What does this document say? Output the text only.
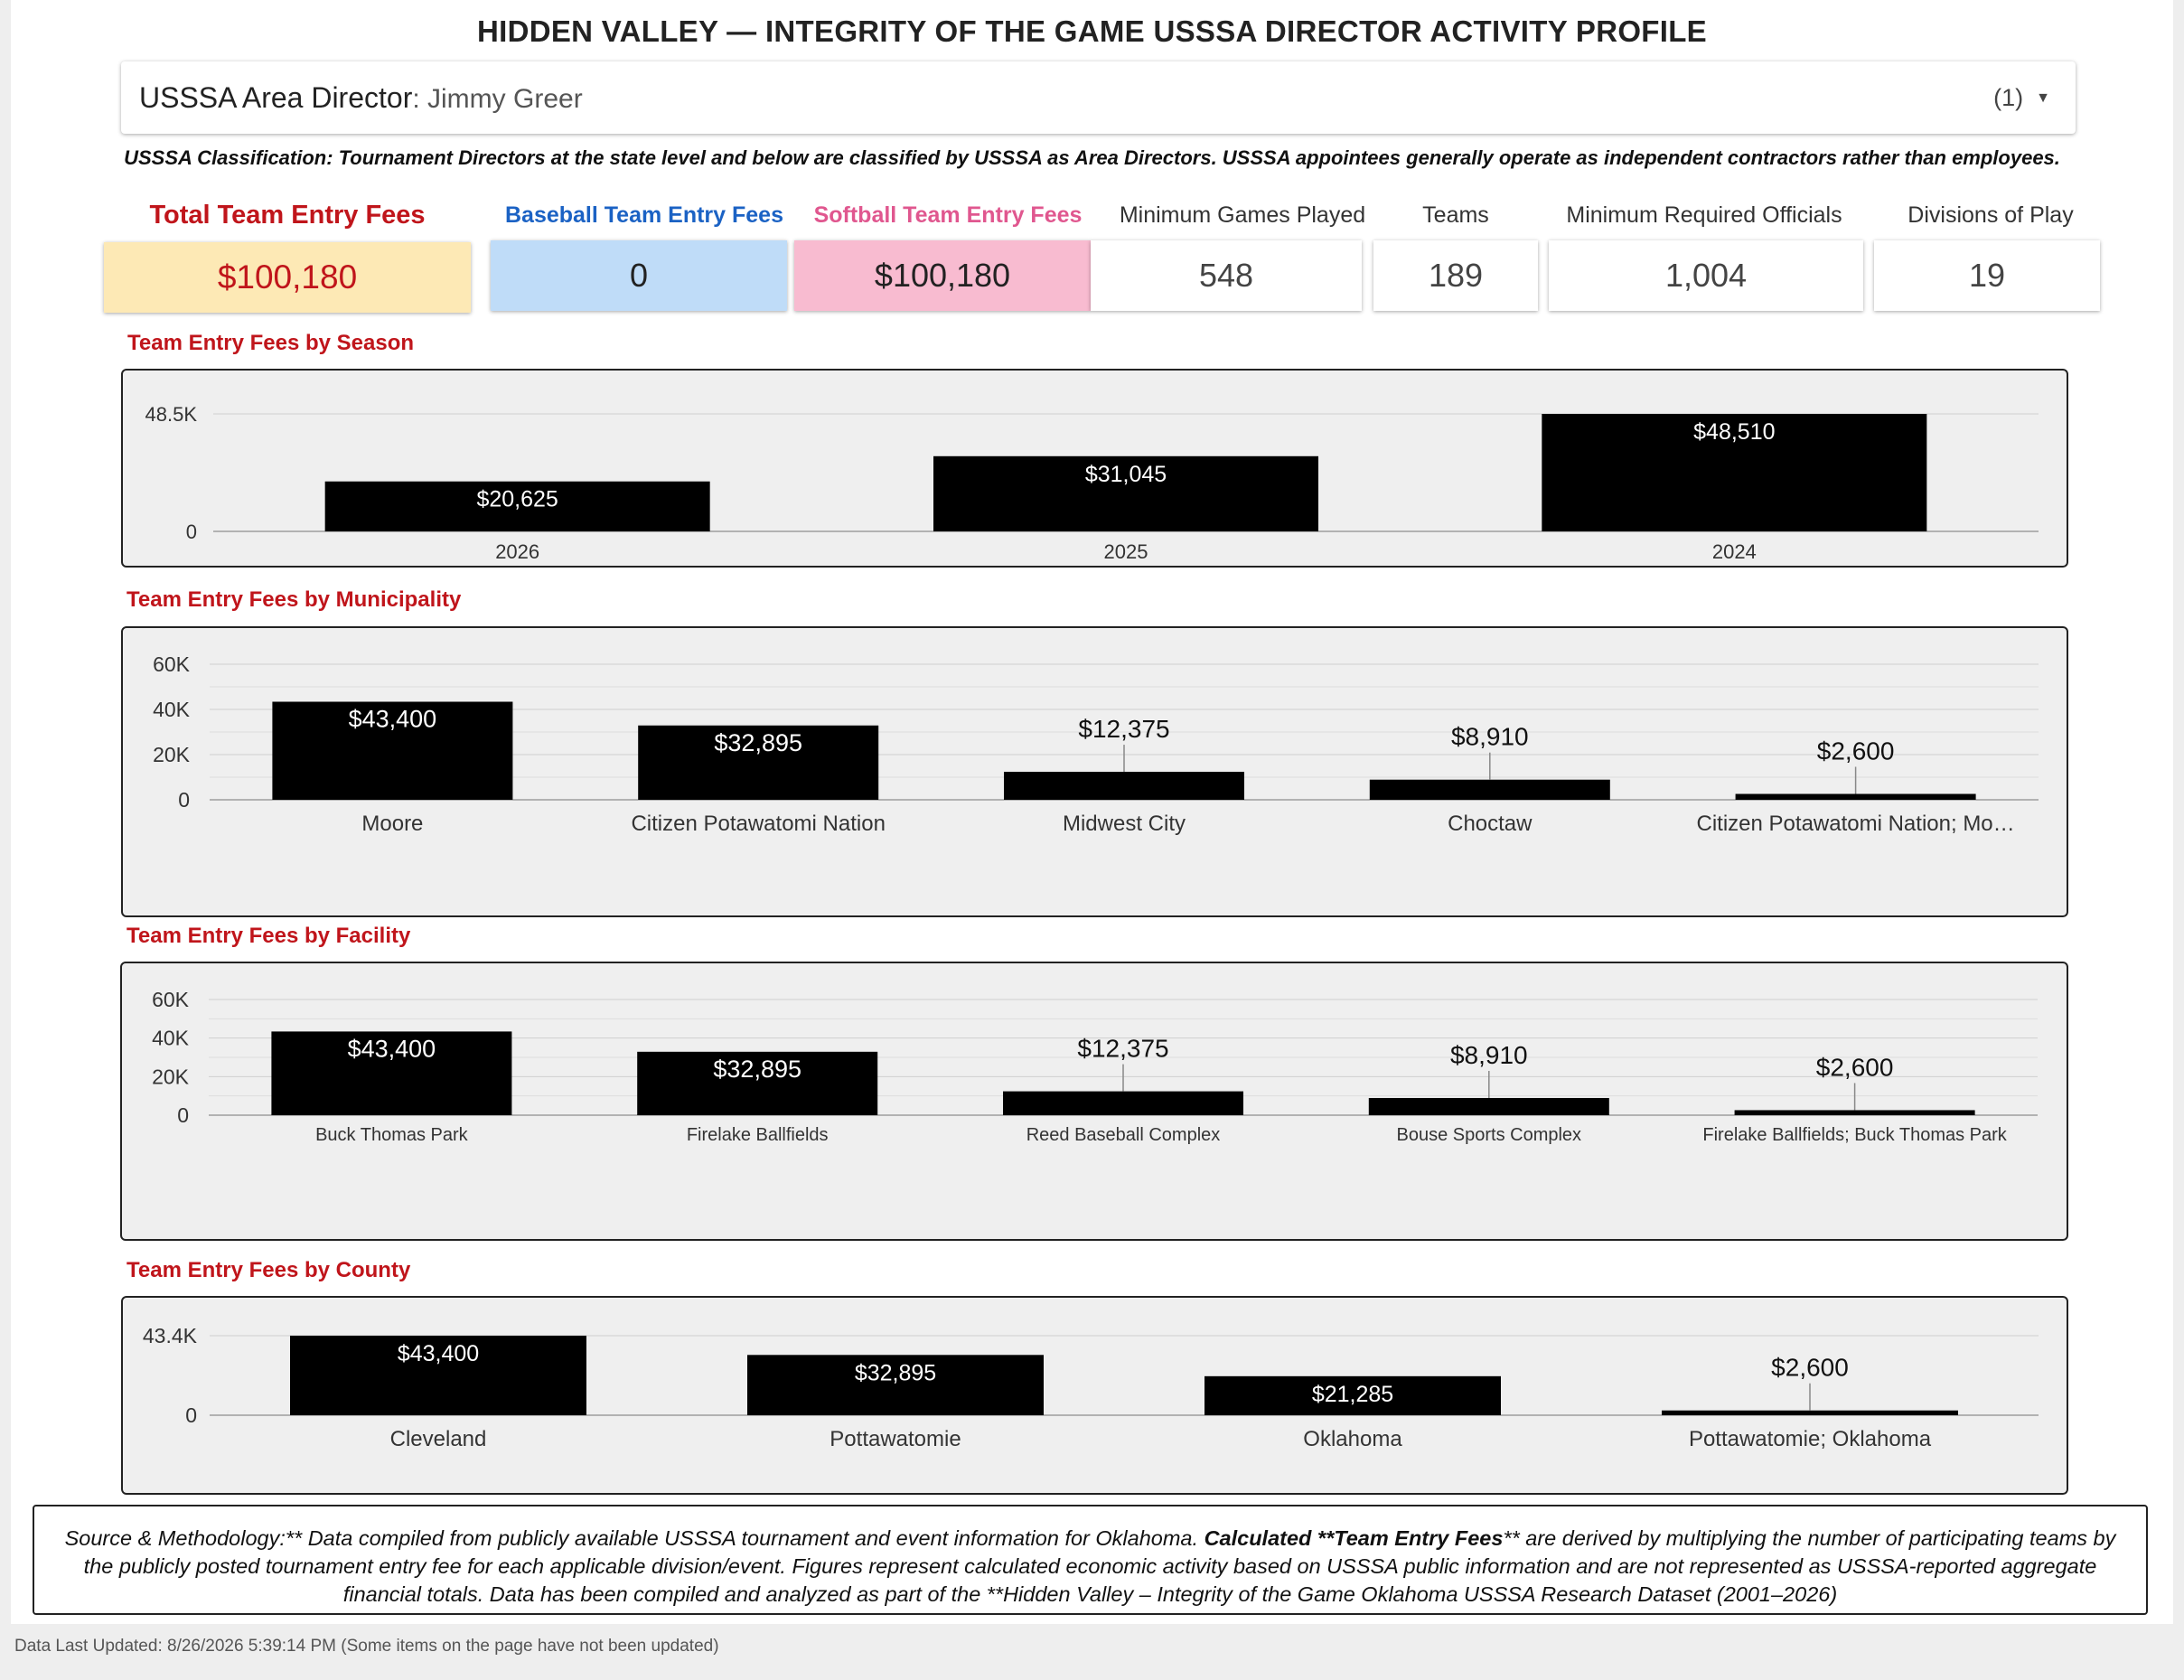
HIDDEN VALLEY — INTEGRITY OF THE GAME USSSA DIRECTOR ACTIVITY PROFILE
USSSA Area Director: Jimmy Greer	(1) ▼
USSSA Classification: Tournament Directors at the state level and below are classified by USSSA as Area Directors. USSSA appointees generally operate as independent contractors rather than employees.
Total Team Entry Fees	Baseball Team Entry Fees	Softball Team Entry Fees	Minimum Games Played	Teams	Minimum Required Officials	Divisions of Play
$100,180	0	$100,180	548	189	1,004	19
Team Entry Fees by Season
Team Entry Fees by Municipality
Team Entry Fees by Facility
Team Entry Fees by County
0
48.5K
$20,625
2026
$31,045
2025
$48,510
2024
0
20K
40K
60K
$43,400
Moore
$32,895
Citizen Potawatomi Nation
$12,375
Midwest City
$8,910
Choctaw
$2,600
Citizen Potawatomi Nation; Mo…
0
20K
40K
60K
$43,400
Buck Thomas Park
$32,895
Firelake Ballfields
$12,375
Reed Baseball Complex
$8,910
Bouse Sports Complex
$2,600
Firelake Ballfields; Buck Thomas Park
0
43.4K
$43,400
Cleveland
$32,895
Pottawatomie
$21,285
Oklahoma
$2,600
Pottawatomie; Oklahoma
Source & Methodology:** Data compiled from publicly available USSSA tournament and event information for Oklahoma. Calculated **Team Entry Fees** are derived by multiplying the number of participating teams by the publicly posted tournament entry fee for each applicable division/event. Figures represent calculated economic activity based on USSSA public information and are not represented as USSSA-reported aggregate financial totals. Data has been compiled and analyzed as part of the **Hidden Valley – Integrity of the Game Oklahoma USSSA Research Dataset (2001–2026)
Data Last Updated: 8/26/2026 5:39:14 PM (Some items on the page have not been updated)
